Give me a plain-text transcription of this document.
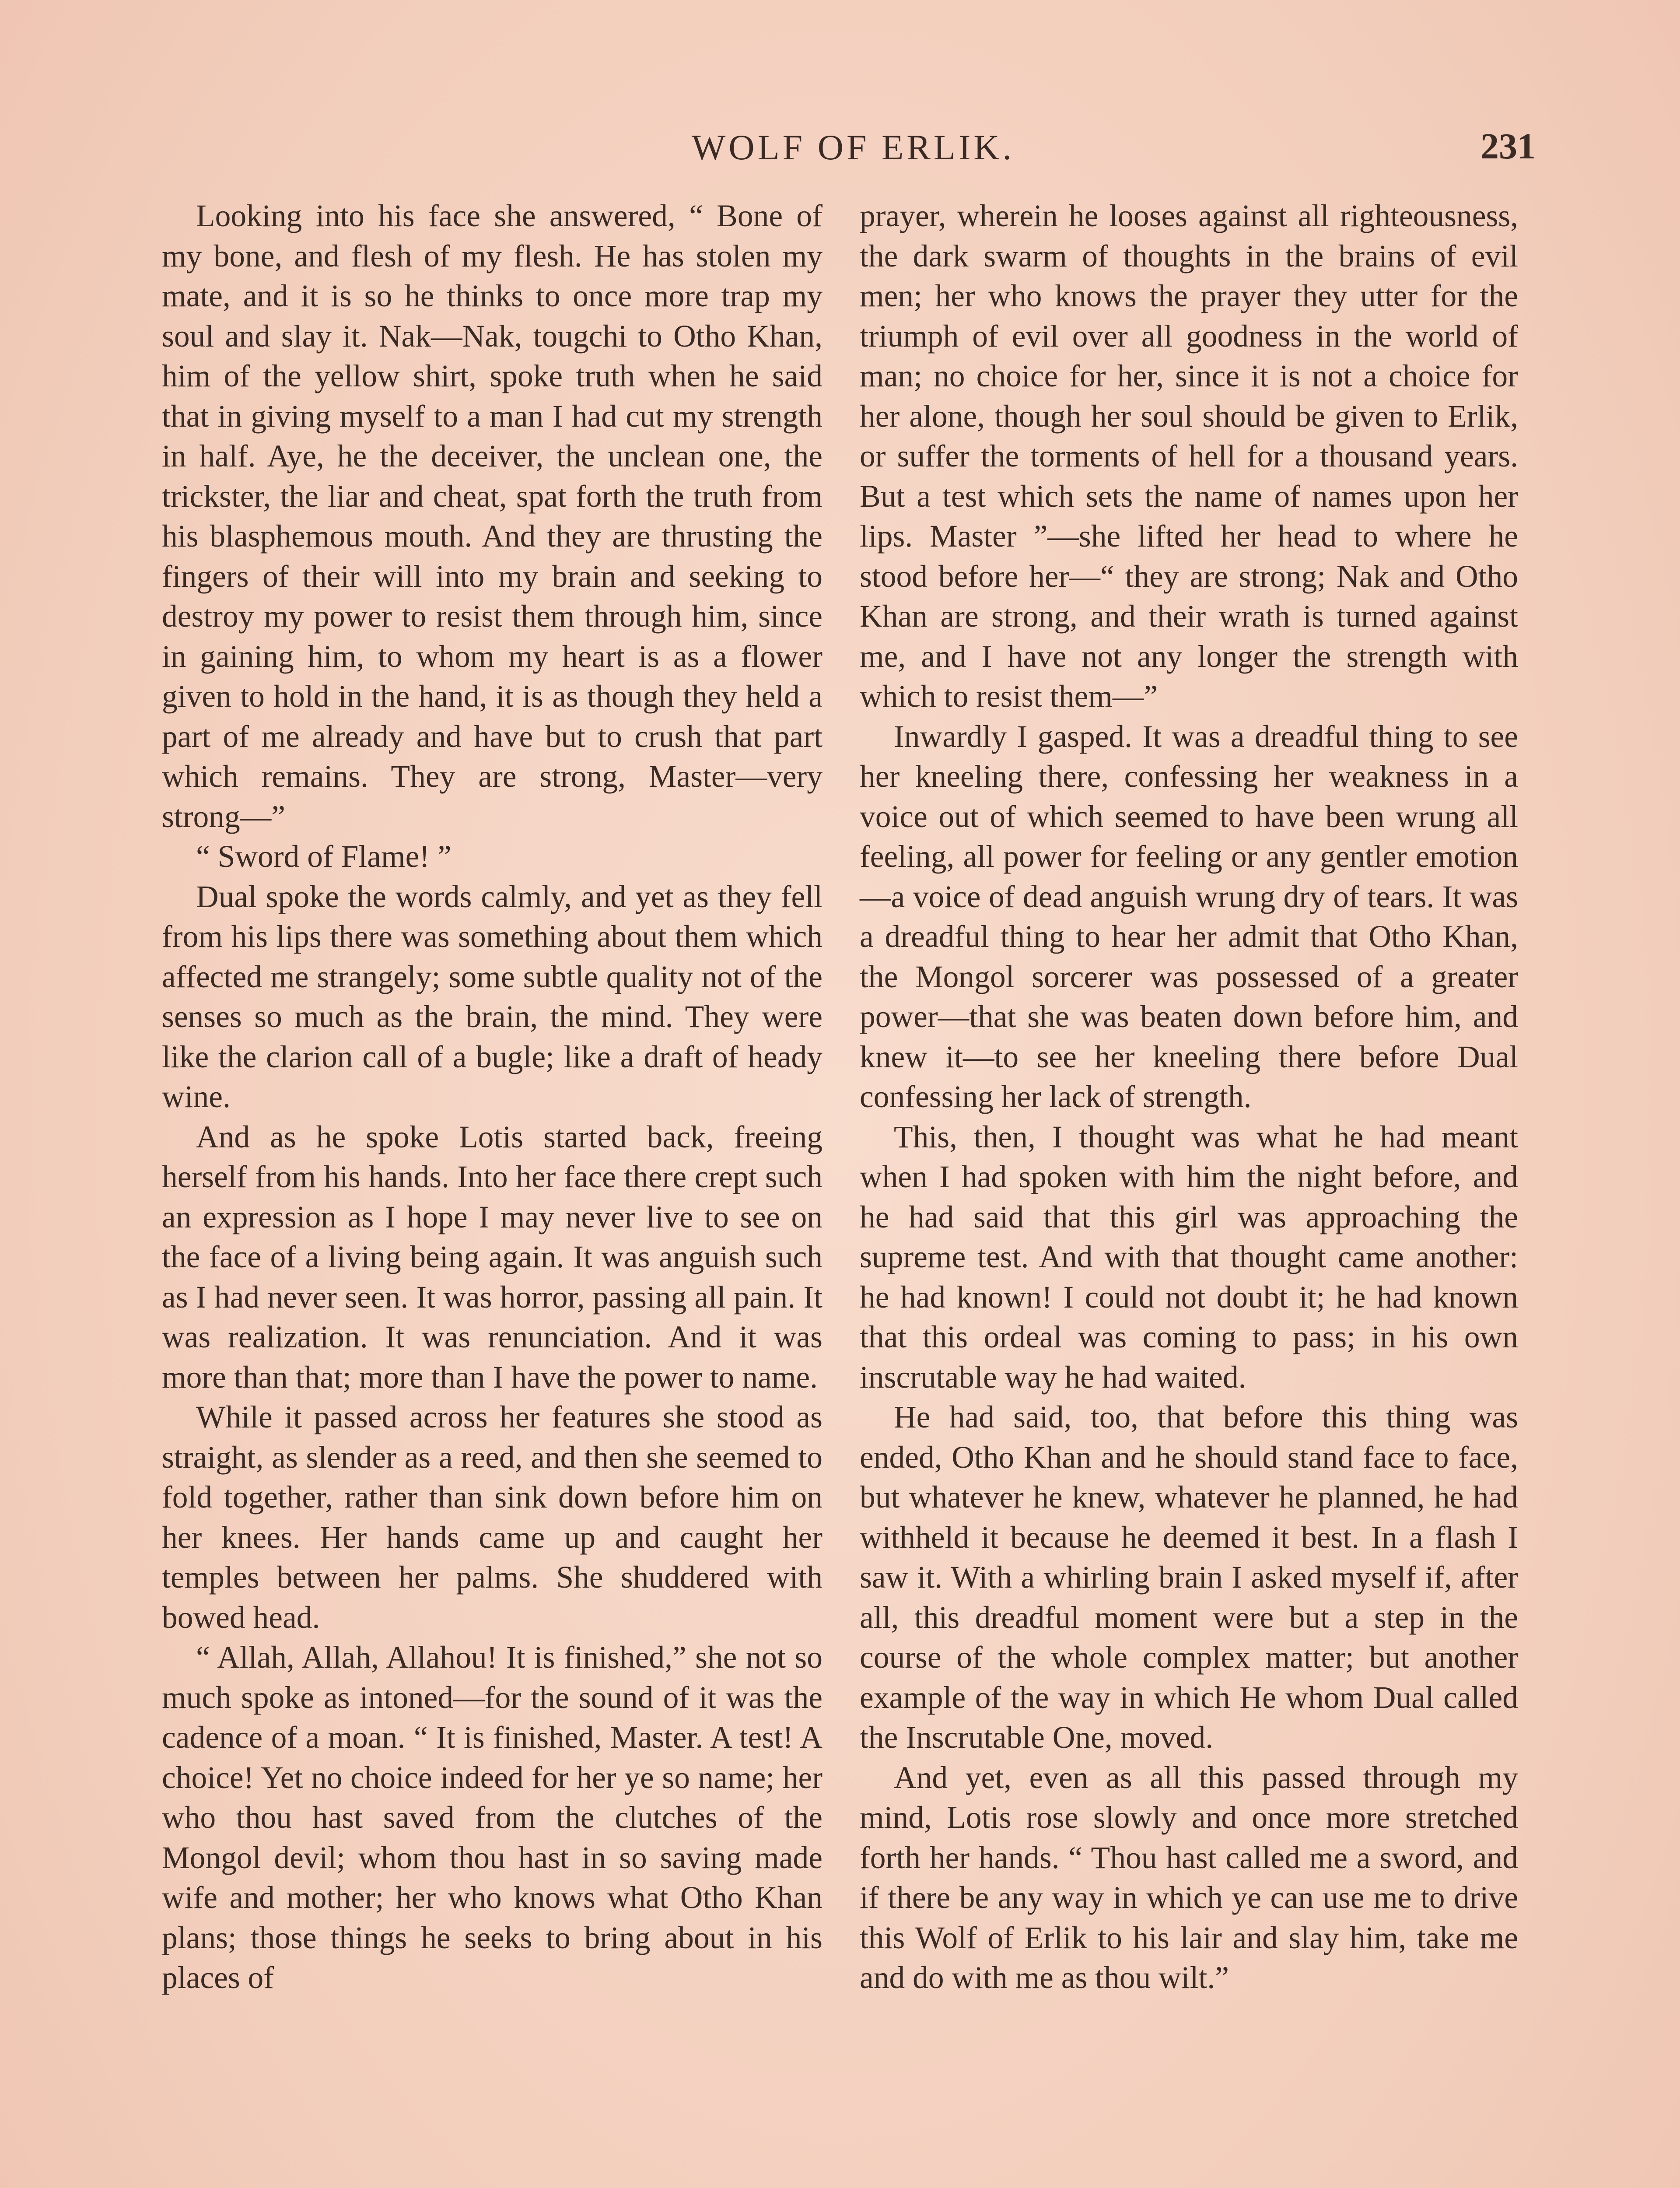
WOLF OF ERLIK.	231

Looking into his face she answered, “ Bone of my bone, and flesh of my flesh. He has stolen my mate, and it is so he thinks to once more trap my soul and slay it. Nak—Nak, tougchi to Otho Khan, him of the yellow shirt, spoke truth when he said that in giving myself to a man I had cut my strength in half. Aye, he the deceiver, the unclean one, the trickster, the liar and cheat, spat forth the truth from his blasphemous mouth. And they are thrusting the fingers of their will into my brain and seeking to destroy my power to resist them through him, since in gaining him, to whom my heart is as a flower given to hold in the hand, it is as though they held a part of me already and have but to crush that part which remains. They are strong, Master—very strong—”

“ Sword of Flame! ”

Dual spoke the words calmly, and yet as they fell from his lips there was something about them which affected me strangely; some subtle quality not of the senses so much as the brain, the mind. They were like the clarion call of a bugle; like a draft of heady wine.

And as he spoke Lotis started back, freeing herself from his hands. Into her face there crept such an expression as I hope I may never live to see on the face of a living being again. It was anguish such as I had never seen. It was horror, passing all pain. It was realization. It was renunciation. And it was more than that; more than I have the power to name.

While it passed across her features she stood as straight, as slender as a reed, and then she seemed to fold together, rather than sink down before him on her knees. Her hands came up and caught her temples between her palms. She shuddered with bowed head.

“ Allah, Allah, Allahou! It is finished,” she not so much spoke as intoned—for the sound of it was the cadence of a moan. “ It is finished, Master. A test! A choice! Yet no choice indeed for her ye so name; her who thou hast saved from the clutches of the Mongol devil; whom thou hast in so saving made wife and mother; her who knows what Otho Khan plans; those things he seeks to bring about in his places of

prayer, wherein he looses against all righteousness, the dark swarm of thoughts in the brains of evil men; her who knows the prayer they utter for the triumph of evil over all goodness in the world of man; no choice for her, since it is not a choice for her alone, though her soul should be given to Erlik, or suffer the torments of hell for a thousand years. But a test which sets the name of names upon her lips. Master ”—she lifted her head to where he stood before her—“ they are strong; Nak and Otho Khan are strong, and their wrath is turned against me, and I have not any longer the strength with which to resist them—”

Inwardly I gasped. It was a dreadful thing to see her kneeling there, confessing her weakness in a voice out of which seemed to have been wrung all feeling, all power for feeling or any gentler emotion—a voice of dead anguish wrung dry of tears. It was a dreadful thing to hear her admit that Otho Khan, the Mongol sorcerer was possessed of a greater power—that she was beaten down before him, and knew it—to see her kneeling there before Dual confessing her lack of strength.

This, then, I thought was what he had meant when I had spoken with him the night before, and he had said that this girl was approaching the supreme test. And with that thought came another: he had known! I could not doubt it; he had known that this ordeal was coming to pass; in his own inscrutable way he had waited.

He had said, too, that before this thing was ended, Otho Khan and he should stand face to face, but whatever he knew, whatever he planned, he had withheld it because he deemed it best. In a flash I saw it. With a whirling brain I asked myself if, after all, this dreadful moment were but a step in the course of the whole complex matter; but another example of the way in which He whom Dual called the Inscrutable One, moved.

And yet, even as all this passed through my mind, Lotis rose slowly and once more stretched forth her hands. “ Thou hast called me a sword, and if there be any way in which ye can use me to drive this Wolf of Erlik to his lair and slay him, take me and do with me as thou wilt.”
